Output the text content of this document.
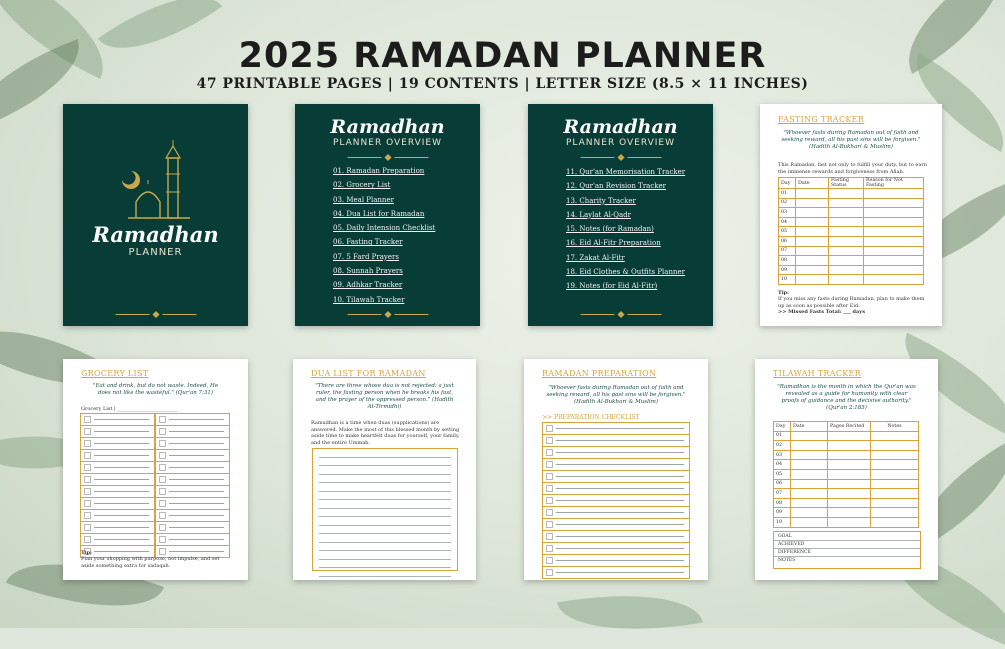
2025 RAMADAN PLANNER
47 PRINTABLE PAGES | 19 CONTENTS | LETTER SIZE (8.5 × 11 INCHES)
Ramadhan
PLANNER
Ramadhan
PLANNER OVERVIEW
01. Ramadan Preparation
02. Grocery List
03. Meal Planner
04. Dua List for Ramadan
05. Daily Intension Checklist
06. Fasting Tracker
07. 5 Fard Prayers
08. Sunnah Prayers
09. Adhkar Tracker
10. Tilawah Tracker
Ramadhan
PLANNER OVERVIEW
11. Qur'an Memorisation Tracker
12. Qur'an Revision Tracker
13. Charity Tracker
14. Laylat Al-Qadr
15. Notes (for Ramadan)
16. Eid Al-Fitr Preparation
17. Zakat Al-Fitr
18. Eid Clothes & Outfits Planner
19. Notes (for Eid Al-Fitr)
FASTING TRACKER
"Whoever fasts during Ramadan out of faith and seeking reward, all his past sins will be forgiven." (Hadith Al-Bukhari & Muslim)
This Ramadan, fast not only to fulfill your duty, but to earn the immense rewards and forgiveness from Allah.
Day	Date	Fasting Status	Reason for Not Fasting
01			
02			
03			
04			
05			
06			
07			
08			
09			
10			
Tip:
If you miss any fasts during Ramadan, plan to make them up as soon as possible after Eid.
>> Missed Fasts Total: ___ days
GROCERY LIST
"Eat and drink, but do not waste. Indeed, He does not like the wasteful." (Qur'an 7:31)
Grocery List | ________________________
Tip:
Plan your shopping with purpose, not impulse, and set aside something extra for sadaqah.
DUA LIST FOR RAMADAN
"There are three whose dua is not rejected: a just ruler, the fasting person when he breaks his fast, and the prayer of the oppressed person." (Hadith At-Tirmidhi)
Ramadhan is a time when duas (supplications) are answered. Make the most of this blessed month by setting aside time to make heartfelt duas for yourself, your family, and the entire Ummah.
RAMADAN PREPARATION
"Whoever fasts during Ramadan out of faith and seeking reward, all his past sins will be forgiven." (Hadith Al-Bukhari & Muslim)
>> PREPARATION CHECKLIST
TILAWAH TRACKER
"Ramadhan is the month in which the Qur'an was revealed as a guide for humanity with clear proofs of guidance and the decisive authority." (Qur'an 2:185)
Day	Date	Pages Recited	Notes
01			
02			
03			
04			
05			
06			
07			
08			
09			
10			
GOAL
ACHIEVED
DIFFERENCE
NOTES
